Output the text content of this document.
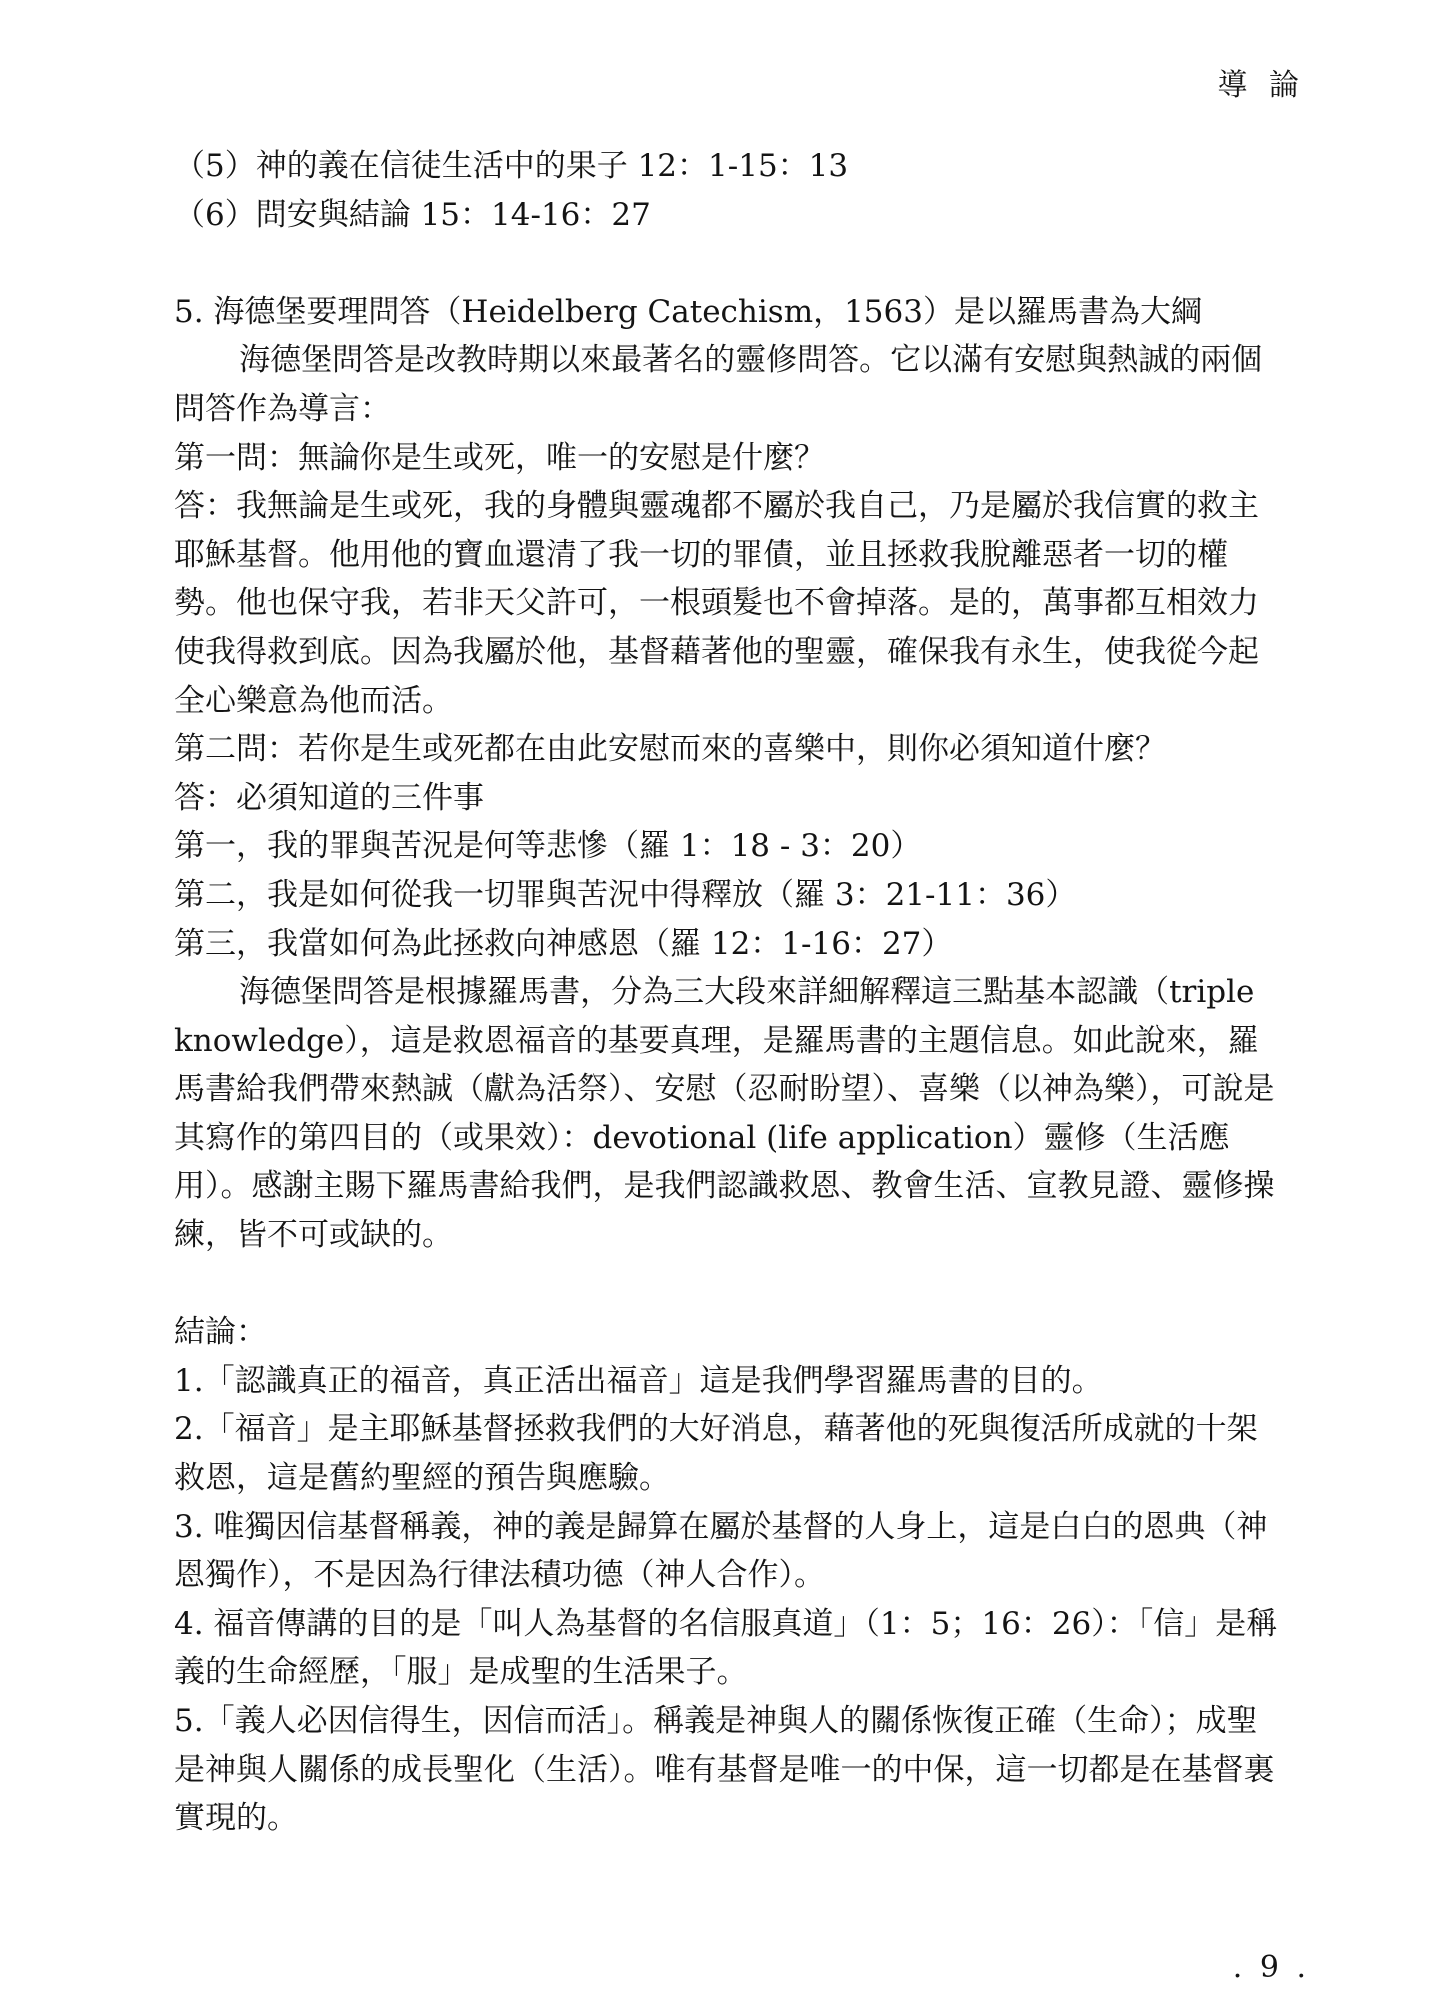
導 論

（5）神的義在信徒生活中的果子 12：1-15：13

（6）問安與結論 15：14-16：27

5. 海德堡要理問答（Heidelberg Catechism，1563）是以羅馬書為大綱

海德堡問答是改教時期以來最著名的靈修問答。它以滿有安慰與熱誠的兩個問答作為導言：

第一問：無論你是生或死，唯一的安慰是什麼？

答：我無論是生或死，我的身體與靈魂都不屬於我自己，乃是屬於我信實的救主耶穌基督。他用他的寶血還清了我一切的罪債，並且拯救我脫離惡者一切的權勢。他也保守我，若非天父許可，一根頭髮也不會掉落。是的，萬事都互相效力使我得救到底。因為我屬於他，基督藉著他的聖靈，確保我有永生，使我從今起全心樂意為他而活。

第二問：若你是生或死都在由此安慰而來的喜樂中，則你必須知道什麼？

答：必須知道的三件事

第一，我的罪與苦況是何等悲慘（羅 1：18 - 3：20）

第二，我是如何從我一切罪與苦況中得釋放（羅 3：21-11：36）

第三，我當如何為此拯救向神感恩（羅 12：1-16：27）

海德堡問答是根據羅馬書，分為三大段來詳細解釋這三點基本認識（triple knowledge），這是救恩福音的基要真理，是羅馬書的主題信息。如此說來，羅馬書給我們帶來熱誠（獻為活祭）、安慰（忍耐盼望）、喜樂（以神為樂），可說是其寫作的第四目的（或果效）：devotional (life application）靈修（生活應用）。感謝主賜下羅馬書給我們，是我們認識救恩、教會生活、宣教見證、靈修操練，皆不可或缺的。

結論：

1.「認識真正的福音，真正活出福音」這是我們學習羅馬書的目的。

2.「福音」是主耶穌基督拯救我們的大好消息，藉著他的死與復活所成就的十架救恩，這是舊約聖經的預告與應驗。

3. 唯獨因信基督稱義，神的義是歸算在屬於基督的人身上，這是白白的恩典（神恩獨作），不是因為行律法積功德（神人合作）。

4. 福音傳講的目的是「叫人為基督的名信服真道」（1：5；16：26）：「信」是稱義的生命經歷，「服」是成聖的生活果子。

5.「義人必因信得生，因信而活」。稱義是神與人的關係恢復正確（生命）；成聖是神與人關係的成長聖化（生活）。唯有基督是唯一的中保，這一切都是在基督裏實現的。

. 9 .
